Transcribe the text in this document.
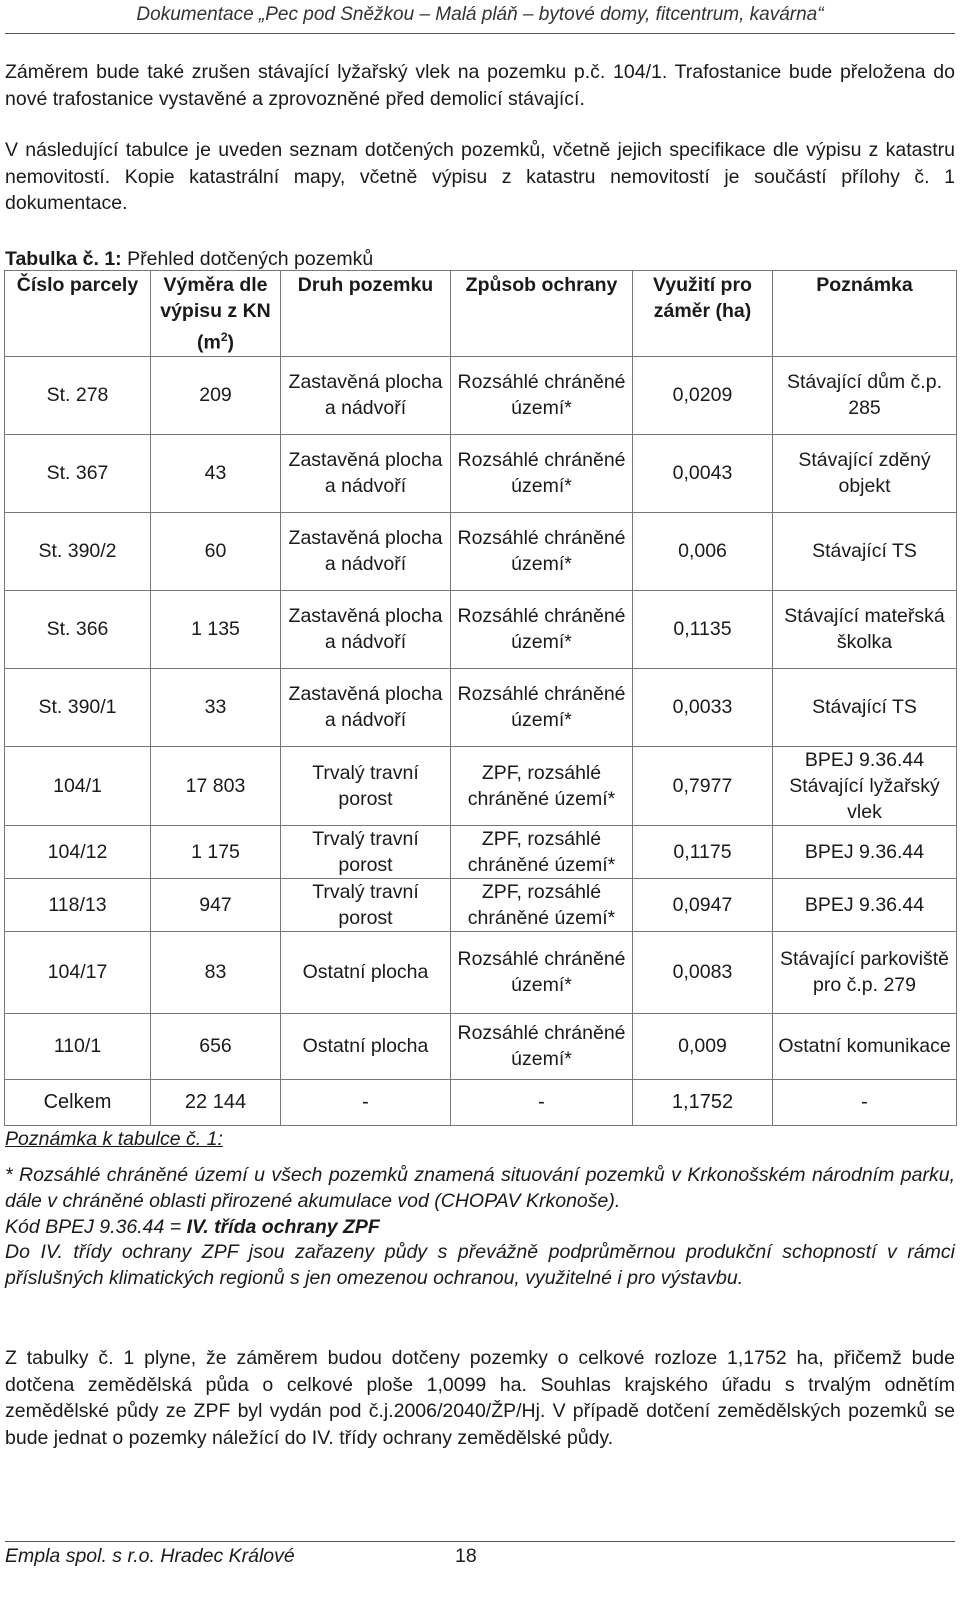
Dokumentace „Pec pod Sněžkou – Malá pláň – bytové domy, fitcentrum, kavárna“
Záměrem bude také zrušen stávající lyžařský vlek na pozemku p.č. 104/1. Trafostanice bude přeložena do nové trafostanice vystavěné a zprovozněné před demolicí stávající.
V následující tabulce je uveden seznam dotčených pozemků, včetně jejich specifikace dle výpisu z katastru nemovitostí. Kopie katastrální mapy, včetně výpisu z katastru nemovitostí je součástí přílohy č. 1 dokumentace.
Tabulka č. 1: Přehled dotčených pozemků
Číslo parcely	Výměra dle výpisu z KN $(m^2)$	Druh pozemku	Způsob ochrany	Využití pro záměr (ha)	Poznámka
St. 278	209	Zastavěná plocha a nádvoří	Rozsáhlé chráněné území*	0,0209	Stávající dům č.p. 285
St. 367	43	Zastavěná plocha a nádvoří	Rozsáhlé chráněné území*	0,0043	Stávající zděný objekt
St. 390/2	60	Zastavěná plocha a nádvoří	Rozsáhlé chráněné území*	0,006	Stávající TS
St. 366	1 135	Zastavěná plocha a nádvoří	Rozsáhlé chráněné území*	0,1135	Stávající mateřská školka
St. 390/1	33	Zastavěná plocha a nádvoří	Rozsáhlé chráněné území*	0,0033	Stávající TS
104/1	17 803	Trvalý travní porost	ZPF, rozsáhlé chráněné území*	0,7977	BPEJ 9.36.44 Stávající lyžařský vlek
104/12	1 175	Trvalý travní porost	ZPF, rozsáhlé chráněné území*	0,1175	BPEJ 9.36.44
118/13	947	Trvalý travní porost	ZPF, rozsáhlé chráněné území*	0,0947	BPEJ 9.36.44
104/17	83	Ostatní plocha	Rozsáhlé chráněné území*	0,0083	Stávající parkoviště pro č.p. 279
110/1	656	Ostatní plocha	Rozsáhlé chráněné území*	0,009	Ostatní komunikace
Celkem	22 144	-	-	1,1752	-
Poznámka k tabulce č. 1:
* Rozsáhlé chráněné území u všech pozemků znamená situování pozemků v Krkonošském národním parku, dále v chráněné oblasti přirozené akumulace vod (CHOPAV Krkonoše).
Kód BPEJ 9.36.44 = IV. třída ochrany ZPF
Do IV. třídy ochrany ZPF jsou zařazeny půdy s převážně podprůměrnou produkční schopností v rámci příslušných klimatických regionů s jen omezenou ochranou, využitelné i pro výstavbu.
Z tabulky č. 1 plyne, že záměrem budou dotčeny pozemky o celkové rozloze 1,1752 ha, přičemž bude dotčena zemědělská půda o celkové ploše 1,0099 ha. Souhlas krajského úřadu s trvalým odnětím zemědělské půdy ze ZPF byl vydán pod č.j.2006/2040/ŽP/Hj. V případě dotčení zemědělských pozemků se bude jednat o pozemky náležící do IV. třídy ochrany zemědělské půdy.
Empla spol. s r.o. Hradec Králové	18
